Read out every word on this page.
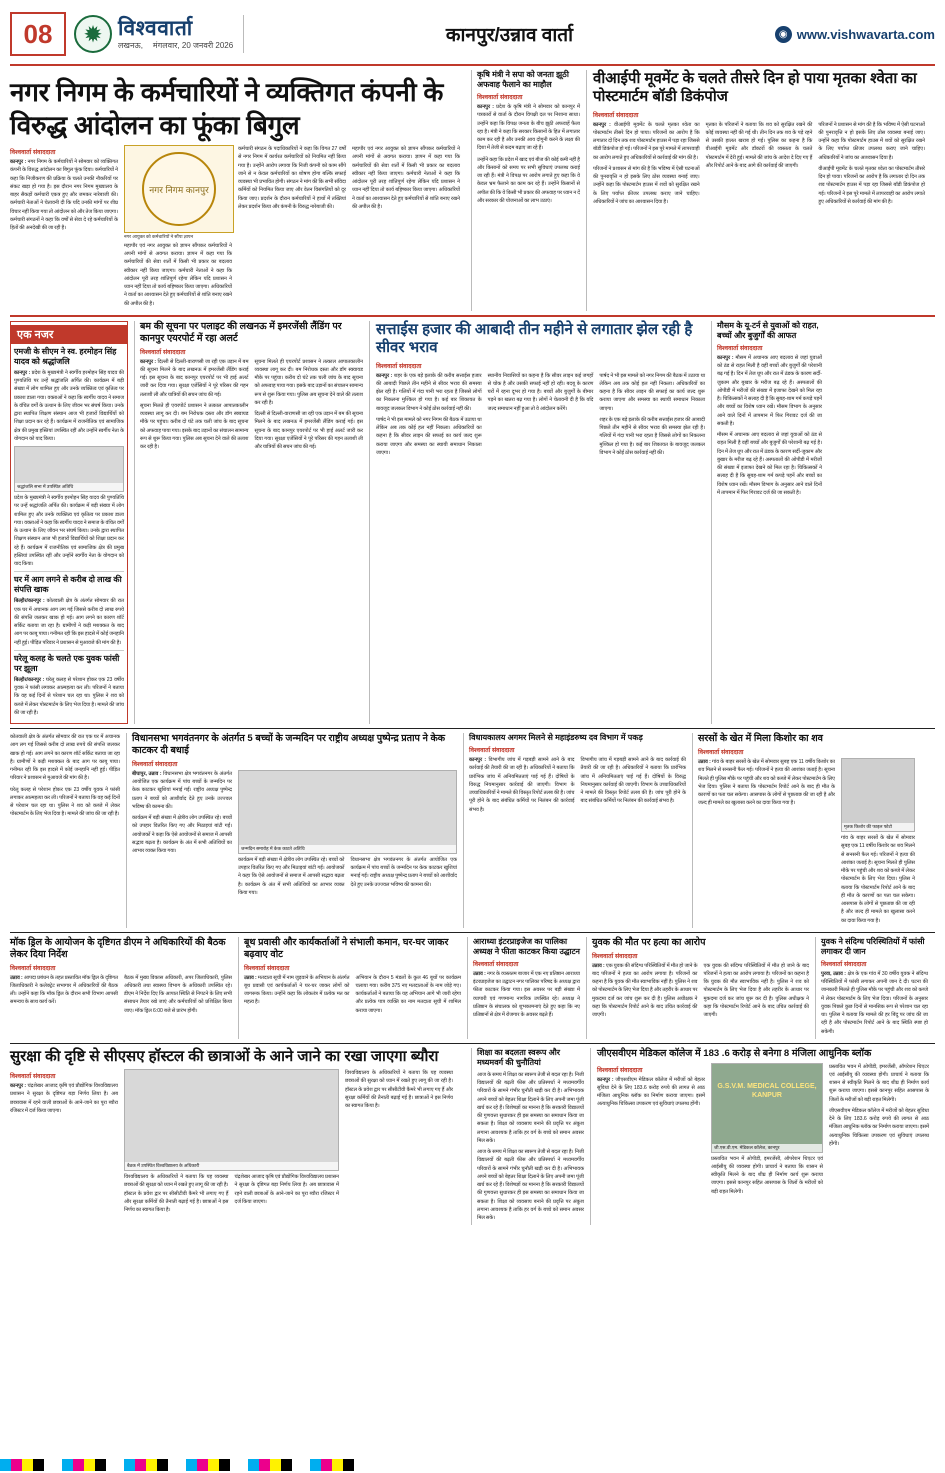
08	✹ विश्ववार्ता
लखनऊ, मंगलवार, 20 जनवरी 2026	कानपुर/उन्नाव वार्ता	◉ www.vishwavarta.com
नगर निगम के कर्मचारियों ने व्यक्तिगत कंपनी के विरुद्ध आंदोलन का फूंका बिगुल
विश्ववार्ता संवाददाता

कानपुर : नगर निगम के कर्मचारियों ने सोमवार को व्यक्तिगत कंपनी के विरुद्ध आंदोलन का बिगुल फूंक दिया। कर्मचारियों ने कहा कि निजीकरण की प्रक्रिया के चलते उनकी नौकरियों पर संकट खड़ा हो गया है। इस दौरान नगर निगम मुख्यालय के बाहर सैकड़ों कर्मचारी एकत्र हुए और जमकर नारेबाजी की। कर्मचारी नेताओं ने चेतावनी दी कि यदि उनकी मांगों पर शीघ्र विचार नहीं किया गया तो आंदोलन को और तेज किया जाएगा। कर्मचारी संगठनों ने कहा कि वर्षों से सेवा दे रहे कर्मचारियों के हितों की अनदेखी की जा रही है।

नगर निगम कानपुर
नगर आयुक्त को कर्मचारियों ने सौंपा ज्ञापन

महापौर एवं नगर आयुक्त को ज्ञापन सौंपकर कर्मचारियों ने अपनी मांगों से अवगत कराया। ज्ञापन में कहा गया कि कर्मचारियों की सेवा शर्तों में किसी भी प्रकार का बदलाव स्वीकार नहीं किया जाएगा। कर्मचारी नेताओं ने कहा कि आंदोलन पूरी तरह शांतिपूर्ण रहेगा लेकिन यदि प्रशासन ने ध्यान नहीं दिया तो कार्य बहिष्कार किया जाएगा। अधिकारियों ने वार्ता का आश्वासन देते हुए कर्मचारियों से शांति बनाए रखने की अपील की है।

कर्मचारी संगठन के पदाधिकारियों ने कहा कि विगत 27 वर्षों से नगर निगम में कार्यरत कर्मचारियों को नियमित नहीं किया गया है। उन्होंने आरोप लगाया कि निजी कंपनी को काम सौंपे जाने से न केवल कर्मचारियों का शोषण होगा बल्कि सफाई व्यवस्था भी प्रभावित होगी। संगठन ने मांग की कि सभी संविदा कर्मियों को नियमित किया जाए और वेतन विसंगतियों को दूर किया जाए। प्रदर्शन के दौरान कर्मचारियों ने हाथों में तख्तियां लेकर प्रदर्शन किया और कंपनी के विरुद्ध नारेबाजी की।

महापौर एवं नगर आयुक्त को ज्ञापन सौंपकर कर्मचारियों ने अपनी मांगों से अवगत कराया। ज्ञापन में कहा गया कि कर्मचारियों की सेवा शर्तों में किसी भी प्रकार का बदलाव स्वीकार नहीं किया जाएगा। कर्मचारी नेताओं ने कहा कि आंदोलन पूरी तरह शांतिपूर्ण रहेगा लेकिन यदि प्रशासन ने ध्यान नहीं दिया तो कार्य बहिष्कार किया जाएगा। अधिकारियों ने वार्ता का आश्वासन देते हुए कर्मचारियों से शांति बनाए रखने की अपील की है।

कृषि मंत्री ने सपा को जनता झूठी अफवाह फैलाने का माहौल
विश्ववार्ता संवाददाता

कानपुर : प्रदेश के कृषि मंत्री ने सोमवार को कानपुर में पत्रकारों से वार्ता के दौरान विपक्षी दल पर निशाना साधा। उन्होंने कहा कि विपक्ष जनता के बीच झूठी अफवाहें फैला रहा है। मंत्री ने कहा कि सरकार किसानों के हित में लगातार काम कर रही है और उनकी आय दोगुनी करने के लक्ष्य की दिशा में तेजी से कदम बढ़ाए जा रहे हैं।

उन्होंने कहा कि प्रदेश में खाद एवं बीज की कोई कमी नहीं है और किसानों को समय पर सभी सुविधाएं उपलब्ध कराई जा रही हैं। मंत्री ने विपक्ष पर आरोप लगाते हुए कहा कि वे केवल भ्रम फैलाने का काम कर रहे हैं। उन्होंने किसानों से अपील की कि वे किसी भी प्रकार की अफवाह पर ध्यान न दें और सरकार की योजनाओं का लाभ उठाएं।

वीआईपी मूवमेंट के चलते तीसरे दिन हो पाया मृतका श्वेता का पोस्टमार्टम बॉडी डिकंपोज
विश्ववार्ता संवाददाता

कानपुर : वीआईपी मूवमेंट के चलते मृतका श्वेता का पोस्टमार्टम तीसरे दिन हो पाया। परिजनों का आरोप है कि लगातार दो दिन तक शव पोस्टमार्टम हाउस में पड़ा रहा जिससे बॉडी डिकंपोज हो गई। परिजनों ने इस पूरे मामले में लापरवाही का आरोप लगाते हुए अधिकारियों से कार्रवाई की मांग की है।

परिजनों ने प्रशासन से मांग की है कि भविष्य में ऐसी घटनाओं की पुनरावृत्ति न हो इसके लिए ठोस व्यवस्था बनाई जाए। उन्होंने कहा कि पोस्टमार्टम हाउस में शवों को सुरक्षित रखने के लिए पर्याप्त फ्रीजर उपलब्ध कराए जाने चाहिए। अधिकारियों ने जांच का आश्वासन दिया है।

मृतका के परिजनों ने बताया कि शव को सुरक्षित रखने की कोई व्यवस्था नहीं की गई थी। तीन दिन तक शव के पड़े रहने से उसकी हालत खराब हो गई। पुलिस का कहना है कि वीआईपी मूवमेंट और डॉक्टरों की व्यस्तता के चलते पोस्टमार्टम में देरी हुई। मामले की जांच के आदेश दे दिए गए हैं और रिपोर्ट आने के बाद आगे की कार्रवाई की जाएगी।

परिजनों ने प्रशासन से मांग की है कि भविष्य में ऐसी घटनाओं की पुनरावृत्ति न हो इसके लिए ठोस व्यवस्था बनाई जाए। उन्होंने कहा कि पोस्टमार्टम हाउस में शवों को सुरक्षित रखने के लिए पर्याप्त फ्रीजर उपलब्ध कराए जाने चाहिए। अधिकारियों ने जांच का आश्वासन दिया है।

वीआईपी मूवमेंट के चलते मृतका श्वेता का पोस्टमार्टम तीसरे दिन हो पाया। परिजनों का आरोप है कि लगातार दो दिन तक शव पोस्टमार्टम हाउस में पड़ा रहा जिससे बॉडी डिकंपोज हो गई। परिजनों ने इस पूरे मामले में लापरवाही का आरोप लगाते हुए अधिकारियों से कार्रवाई की मांग की है।

एक नजर
एमजी के सीएम ने स्व. हरमोहन सिंह यादव को श्रद्धांजलि

कानपुर : प्रदेश के मुख्यमंत्री ने स्वर्गीय हरमोहन सिंह यादव की पुण्यतिथि पर उन्हें श्रद्धांजलि अर्पित की। कार्यक्रम में बड़ी संख्या में लोग शामिल हुए और उनके व्यक्तित्व एवं कृतित्व पर प्रकाश डाला गया। वक्ताओं ने कहा कि स्वर्गीय यादव ने समाज के वंचित वर्गों के उत्थान के लिए जीवन भर संघर्ष किया। उनके द्वारा स्थापित शिक्षण संस्थान आज भी हजारों विद्यार्थियों को शिक्षा प्रदान कर रहे हैं। कार्यक्रम में राजनीतिक एवं सामाजिक क्षेत्र की प्रमुख हस्तियां उपस्थित रहीं और उन्होंने स्वर्गीय नेता के योगदान को याद किया।

श्रद्धांजलि सभा में उपस्थित अतिथि

प्रदेश के मुख्यमंत्री ने स्वर्गीय हरमोहन सिंह यादव की पुण्यतिथि पर उन्हें श्रद्धांजलि अर्पित की। कार्यक्रम में बड़ी संख्या में लोग शामिल हुए और उनके व्यक्तित्व एवं कृतित्व पर प्रकाश डाला गया। वक्ताओं ने कहा कि स्वर्गीय यादव ने समाज के वंचित वर्गों के उत्थान के लिए जीवन भर संघर्ष किया। उनके द्वारा स्थापित शिक्षण संस्थान आज भी हजारों विद्यार्थियों को शिक्षा प्रदान कर रहे हैं। कार्यक्रम में राजनीतिक एवं सामाजिक क्षेत्र की प्रमुख हस्तियां उपस्थित रहीं और उन्होंने स्वर्गीय नेता के योगदान को याद किया।

घर में आग लगने से करीब दो लाख की संपत्ति खाक

बिल्हौर/कानपुर : कोतवाली क्षेत्र के अंतर्गत सोमवार की रात एक घर में अचानक आग लग गई जिससे करीब दो लाख रुपये की संपत्ति जलकर खाक हो गई। आग लगने का कारण शॉर्ट सर्किट बताया जा रहा है। ग्रामीणों ने कड़ी मशक्कत के बाद आग पर काबू पाया। गनीमत रही कि इस हादसे में कोई जनहानि नहीं हुई। पीड़ित परिवार ने प्रशासन से मुआवजे की मांग की है।

घरेलू कलह के चलते एक युवक फांसी पर झूला

बिल्हौर/कानपुर : घरेलू कलह से परेशान होकर एक 23 वर्षीय युवक ने फांसी लगाकर आत्महत्या कर ली। परिजनों ने बताया कि वह कई दिनों से परेशान चल रहा था। पुलिस ने शव को कब्जे में लेकर पोस्टमार्टम के लिए भेज दिया है। मामले की जांच की जा रही है।

बम की सूचना पर पलाइट की लखनऊ में इमरजेंसी लैंडिंग पर कानपुर एयरपोर्ट में रहा अलर्ट
विश्ववार्ता संवाददाता

कानपुर : दिल्ली से दिल्ली-वाराणसी जा रही एक उड़ान में बम की सूचना मिलने के बाद लखनऊ में इमरजेंसी लैंडिंग कराई गई। इस सूचना के बाद कानपुर एयरपोर्ट पर भी हाई अलर्ट जारी कर दिया गया। सुरक्षा एजेंसियों ने पूरे परिसर की गहन तलाशी ली और यात्रियों की सघन जांच की गई।

सूचना मिलते ही एयरपोर्ट प्रशासन ने तत्काल आपातकालीन व्यवस्था लागू कर दी। बम निरोधक दस्ता और डॉग स्क्वायड मौके पर पहुंचा। करीब दो घंटे तक चली जांच के बाद सूचना को अफवाह पाया गया। इसके बाद उड़ानों का संचालन सामान्य रूप से शुरू किया गया। पुलिस अब सूचना देने वाले की तलाश कर रही है।

सूचना मिलते ही एयरपोर्ट प्रशासन ने तत्काल आपातकालीन व्यवस्था लागू कर दी। बम निरोधक दस्ता और डॉग स्क्वायड मौके पर पहुंचा। करीब दो घंटे तक चली जांच के बाद सूचना को अफवाह पाया गया। इसके बाद उड़ानों का संचालन सामान्य रूप से शुरू किया गया। पुलिस अब सूचना देने वाले की तलाश कर रही है।

दिल्ली से दिल्ली-वाराणसी जा रही एक उड़ान में बम की सूचना मिलने के बाद लखनऊ में इमरजेंसी लैंडिंग कराई गई। इस सूचना के बाद कानपुर एयरपोर्ट पर भी हाई अलर्ट जारी कर दिया गया। सुरक्षा एजेंसियों ने पूरे परिसर की गहन तलाशी ली और यात्रियों की सघन जांच की गई।

सत्ताईस हजार की आबादी तीन महीने से लगातार झेल रही है सीवर भराव
विश्ववार्ता संवाददाता

कानपुर : शहर के एक बड़े इलाके की करीब सत्ताईस हजार की आबादी पिछले तीन महीने से सीवर भराव की समस्या झेल रही है। गलियों में गंदा पानी भरा रहता है जिससे लोगों का निकलना मुश्किल हो गया है। कई बार शिकायत के बावजूद जलकल विभाग ने कोई ठोस कार्रवाई नहीं की।

पार्षद ने भी इस मामले को नगर निगम की बैठक में उठाया था लेकिन अब तक कोई हल नहीं निकला। अधिकारियों का कहना है कि सीवर लाइन की सफाई का कार्य जल्द शुरू कराया जाएगा और समस्या का स्थायी समाधान निकाला जाएगा।

स्थानीय निवासियों का कहना है कि सीवर लाइन कई जगहों से चोक है और उसकी सफाई नहीं हो रही। बदबू के कारण घरों में रहना दूभर हो गया है। बच्चों और बुजुर्गों के बीमार पड़ने का खतरा बढ़ गया है। लोगों ने चेतावनी दी है कि यदि जल्द समाधान नहीं हुआ तो वे आंदोलन करेंगे।

पार्षद ने भी इस मामले को नगर निगम की बैठक में उठाया था लेकिन अब तक कोई हल नहीं निकला। अधिकारियों का कहना है कि सीवर लाइन की सफाई का कार्य जल्द शुरू कराया जाएगा और समस्या का स्थायी समाधान निकाला जाएगा।

शहर के एक बड़े इलाके की करीब सत्ताईस हजार की आबादी पिछले तीन महीने से सीवर भराव की समस्या झेल रही है। गलियों में गंदा पानी भरा रहता है जिससे लोगों का निकलना मुश्किल हो गया है। कई बार शिकायत के बावजूद जलकल विभाग ने कोई ठोस कार्रवाई नहीं की।

मौसम के यू-टर्न से युवाओं को राहत, बच्चों और बुजुर्गों की आफत
विश्ववार्ता संवाददाता

कानपुर : मौसम में अचानक आए बदलाव से जहां युवाओं को ठंड से राहत मिली है वहीं बच्चों और बुजुर्गों की परेशानी बढ़ गई है। दिन में तेज धूप और रात में ठंडक के कारण सर्दी-जुकाम और बुखार के मरीज बढ़ रहे हैं। अस्पतालों की ओपीडी में मरीजों की संख्या में इजाफा देखने को मिल रहा है। चिकित्सकों ने सलाह दी है कि सुबह-शाम गर्म कपड़े पहनें और बच्चों का विशेष ध्यान रखें। मौसम विभाग के अनुसार आने वाले दिनों में तापमान में फिर गिरावट दर्ज की जा सकती है।

मौसम में अचानक आए बदलाव से जहां युवाओं को ठंड से राहत मिली है वहीं बच्चों और बुजुर्गों की परेशानी बढ़ गई है। दिन में तेज धूप और रात में ठंडक के कारण सर्दी-जुकाम और बुखार के मरीज बढ़ रहे हैं। अस्पतालों की ओपीडी में मरीजों की संख्या में इजाफा देखने को मिल रहा है। चिकित्सकों ने सलाह दी है कि सुबह-शाम गर्म कपड़े पहनें और बच्चों का विशेष ध्यान रखें। मौसम विभाग के अनुसार आने वाले दिनों में तापमान में फिर गिरावट दर्ज की जा सकती है।

कोतवाली क्षेत्र के अंतर्गत सोमवार की रात एक घर में अचानक आग लग गई जिससे करीब दो लाख रुपये की संपत्ति जलकर खाक हो गई। आग लगने का कारण शॉर्ट सर्किट बताया जा रहा है। ग्रामीणों ने कड़ी मशक्कत के बाद आग पर काबू पाया। गनीमत रही कि इस हादसे में कोई जनहानि नहीं हुई। पीड़ित परिवार ने प्रशासन से मुआवजे की मांग की है।

घरेलू कलह से परेशान होकर एक 23 वर्षीय युवक ने फांसी लगाकर आत्महत्या कर ली। परिजनों ने बताया कि वह कई दिनों से परेशान चल रहा था। पुलिस ने शव को कब्जे में लेकर पोस्टमार्टम के लिए भेज दिया है। मामले की जांच की जा रही है।

विधानसभा भगवंतनगर के अंतर्गत 5 बच्चों के जन्मदिन पर राष्ट्रीय अध्यक्ष पुष्पेन्द्र प्रताप ने केक काटकर दी बधाई
विश्ववार्ता संवाददाता

बीघापुर, उन्नाव : विधानसभा क्षेत्र भगवंतनगर के अंतर्गत आयोजित एक कार्यक्रम में पांच बच्चों के जन्मदिन पर केक काटकर खुशियां मनाई गईं। राष्ट्रीय अध्यक्ष पुष्पेन्द्र प्रताप ने बच्चों को आशीर्वाद देते हुए उनके उज्ज्वल भविष्य की कामना की।

कार्यक्रम में बड़ी संख्या में क्षेत्रीय लोग उपस्थित रहे। बच्चों को उपहार वितरित किए गए और मिठाइयां बांटी गईं। आयोजकों ने कहा कि ऐसे आयोजनों से समाज में आपसी सद्भाव बढ़ता है। कार्यक्रम के अंत में सभी अतिथियों का आभार व्यक्त किया गया।	जन्मदिन समारोह में केक काटते अतिथि

कार्यक्रम में बड़ी संख्या में क्षेत्रीय लोग उपस्थित रहे। बच्चों को उपहार वितरित किए गए और मिठाइयां बांटी गईं। आयोजकों ने कहा कि ऐसे आयोजनों से समाज में आपसी सद्भाव बढ़ता है। कार्यक्रम के अंत में सभी अतिथियों का आभार व्यक्त किया गया।

विधानसभा क्षेत्र भगवंतनगर के अंतर्गत आयोजित एक कार्यक्रम में पांच बच्चों के जन्मदिन पर केक काटकर खुशियां मनाई गईं। राष्ट्रीय अध्यक्ष पुष्पेन्द्र प्रताप ने बच्चों को आशीर्वाद देते हुए उनके उज्ज्वल भविष्य की कामना की।

विधायकालय अगमर मिलने से महाइंडरुष्य दव विभाग में पकड़
विश्ववार्ता संवाददाता

कानपुर : विभागीय जांच में गड़बड़ी सामने आने के बाद कार्रवाई की तैयारी की जा रही है। अधिकारियों ने बताया कि प्रारंभिक जांच में अनियमितताएं पाई गई हैं। दोषियों के विरुद्ध नियमानुसार कार्रवाई की जाएगी। विभाग के उच्चाधिकारियों ने मामले की विस्तृत रिपोर्ट तलब की है। जांच पूरी होने के बाद संबंधित कर्मियों पर निलंबन की कार्रवाई संभव है।

विभागीय जांच में गड़बड़ी सामने आने के बाद कार्रवाई की तैयारी की जा रही है। अधिकारियों ने बताया कि प्रारंभिक जांच में अनियमितताएं पाई गई हैं। दोषियों के विरुद्ध नियमानुसार कार्रवाई की जाएगी। विभाग के उच्चाधिकारियों ने मामले की विस्तृत रिपोर्ट तलब की है। जांच पूरी होने के बाद संबंधित कर्मियों पर निलंबन की कार्रवाई संभव है।

सरसों के खेत में मिला किशोर का शव
विश्ववार्ता संवाददाता

उन्नाव : गांव के बाहर सरसों के खेत में सोमवार सुबह एक 11 वर्षीय किशोर का शव मिलने से सनसनी फैल गई। परिजनों ने हत्या की आशंका जताई है। सूचना मिलते ही पुलिस मौके पर पहुंची और शव को कब्जे में लेकर पोस्टमार्टम के लिए भेज दिया। पुलिस ने बताया कि पोस्टमार्टम रिपोर्ट आने के बाद ही मौत के कारणों का पता चल सकेगा। आसपास के लोगों से पूछताछ की जा रही है और जल्द ही मामले का खुलासा करने का दावा किया गया है।

मृतक किशोर की फाइल फोटो

गांव के बाहर सरसों के खेत में सोमवार सुबह एक 11 वर्षीय किशोर का शव मिलने से सनसनी फैल गई। परिजनों ने हत्या की आशंका जताई है। सूचना मिलते ही पुलिस मौके पर पहुंची और शव को कब्जे में लेकर पोस्टमार्टम के लिए भेज दिया। पुलिस ने बताया कि पोस्टमार्टम रिपोर्ट आने के बाद ही मौत के कारणों का पता चल सकेगा। आसपास के लोगों से पूछताछ की जा रही है और जल्द ही मामले का खुलासा करने का दावा किया गया है।

मॉक ड्रिल के आयोजन के दृष्टिगत डीएम ने अधिकारियों की बैठक लेकर दिया निर्देश
विश्ववार्ता संवाददाता

उन्नाव : आपदा प्रबंधन के तहत प्रस्तावित मॉक ड्रिल के दृष्टिगत जिलाधिकारी ने कलेक्ट्रेट सभागार में अधिकारियों की बैठक ली। उन्होंने कहा कि मॉक ड्रिल के दौरान सभी विभाग आपसी समन्वय के साथ कार्य करें।

बैठक में मुख्य विकास अधिकारी, अपर जिलाधिकारी, पुलिस अधिकारी तथा स्वास्थ्य विभाग के अधिकारी उपस्थित रहे। डीएम ने निर्देश दिए कि आपात स्थिति से निपटने के लिए सभी संसाधन तैयार रखे जाएं और कर्मचारियों को प्रशिक्षित किया जाए। मॉक ड्रिल 6:00 बजे से प्रारंभ होगी।

बूथ प्रवासी और कार्यकर्ताओं ने संभाली कमान, घर-घर जाकर बढ़वाए वोट
विश्ववार्ता संवाददाता

उन्नाव : मतदाता सूची में नाम जुड़वाने के अभियान के अंतर्गत बूथ प्रवासी एवं कार्यकर्ताओं ने घर-घर जाकर लोगों को जागरूक किया। उन्होंने कहा कि लोकतंत्र में प्रत्येक मत का महत्व है।

अभियान के दौरान 5 मंडलों के कुल 46 बूथों पर कार्यक्रम चलाया गया। करीब 375 नए मतदाताओं के नाम जोड़े गए। कार्यकर्ताओं ने बताया कि यह अभियान आगे भी जारी रहेगा और प्रत्येक पात्र व्यक्ति का नाम मतदाता सूची में शामिल कराया जाएगा।

आराध्या इंटरप्राइजेज का पालिका अध्यक्ष ने फीता काटकर किया उद्घाटन
विश्ववार्ता संवाददाता

उन्नाव : नगर के व्यस्ततम बाजार में एक नए प्रतिष्ठान आराध्या इंटरप्राइजेज का उद्घाटन नगर पालिका परिषद के अध्यक्ष द्वारा फीता काटकर किया गया। इस अवसर पर बड़ी संख्या में व्यापारी एवं गणमान्य नागरिक उपस्थित रहे। अध्यक्ष ने प्रतिष्ठान के संचालक को शुभकामनाएं देते हुए कहा कि नए प्रतिष्ठानों से क्षेत्र में रोजगार के अवसर बढ़ते हैं।

युवक की मौत पर हत्या का आरोप
विश्ववार्ता संवाददाता

उन्नाव : एक युवक की संदिग्ध परिस्थितियों में मौत हो जाने के बाद परिजनों ने हत्या का आरोप लगाया है। परिजनों का कहना है कि युवक की मौत स्वाभाविक नहीं है। पुलिस ने शव को पोस्टमार्टम के लिए भेज दिया है और तहरीर के आधार पर मुकदमा दर्ज कर जांच शुरू कर दी है। पुलिस अधीक्षक ने कहा कि पोस्टमार्टम रिपोर्ट आने के बाद उचित कार्रवाई की जाएगी।

एक युवक की संदिग्ध परिस्थितियों में मौत हो जाने के बाद परिजनों ने हत्या का आरोप लगाया है। परिजनों का कहना है कि युवक की मौत स्वाभाविक नहीं है। पुलिस ने शव को पोस्टमार्टम के लिए भेज दिया है और तहरीर के आधार पर मुकदमा दर्ज कर जांच शुरू कर दी है। पुलिस अधीक्षक ने कहा कि पोस्टमार्टम रिपोर्ट आने के बाद उचित कार्रवाई की जाएगी।

युवक ने संदिग्ध परिस्थितियों में फांसी लगाकर दी जान
विश्ववार्ता संवाददाता

पुरवा, उन्नाव : क्षेत्र के एक गांव में 30 वर्षीय युवक ने संदिग्ध परिस्थितियों में फांसी लगाकर अपनी जान दे दी। घटना की जानकारी मिलते ही पुलिस मौके पर पहुंची और शव को कब्जे में लेकर पोस्टमार्टम के लिए भेज दिया। परिजनों के अनुसार युवक पिछले कुछ दिनों से मानसिक रूप से परेशान चल रहा था। पुलिस ने बताया कि मामले की हर बिंदु पर जांच की जा रही है और पोस्टमार्टम रिपोर्ट आने के बाद स्थिति स्पष्ट हो सकेगी।

सुरक्षा की दृष्टि से सीएसए हॉस्टल की छात्राओं के आने जाने का रखा जाएगा ब्यौरा
विश्ववार्ता संवाददाता

कानपुर : चंद्रशेखर आजाद कृषि एवं प्रौद्योगिक विश्वविद्यालय प्रशासन ने सुरक्षा के दृष्टिगत बड़ा निर्णय लिया है। अब छात्रावास में रहने वाली छात्राओं के आने-जाने का पूरा ब्यौरा रजिस्टर में दर्ज किया जाएगा।

बैठक में उपस्थित विश्वविद्यालय के अधिकारी

विश्वविद्यालय के अधिकारियों ने बताया कि यह व्यवस्था छात्राओं की सुरक्षा को ध्यान में रखते हुए लागू की जा रही है। हॉस्टल के प्रवेश द्वार पर सीसीटीवी कैमरे भी लगाए गए हैं और सुरक्षा कर्मियों की तैनाती बढ़ाई गई है। छात्राओं ने इस निर्णय का स्वागत किया है।

चंद्रशेखर आजाद कृषि एवं प्रौद्योगिक विश्वविद्यालय प्रशासन ने सुरक्षा के दृष्टिगत बड़ा निर्णय लिया है। अब छात्रावास में रहने वाली छात्राओं के आने-जाने का पूरा ब्यौरा रजिस्टर में दर्ज किया जाएगा।

विश्वविद्यालय के अधिकारियों ने बताया कि यह व्यवस्था छात्राओं की सुरक्षा को ध्यान में रखते हुए लागू की जा रही है। हॉस्टल के प्रवेश द्वार पर सीसीटीवी कैमरे भी लगाए गए हैं और सुरक्षा कर्मियों की तैनाती बढ़ाई गई है। छात्राओं ने इस निर्णय का स्वागत किया है।

शिक्षा का बदलता स्वरूप और मध्यमवर्ग की चुनौतियां

आज के समय में शिक्षा का स्वरूप तेजी से बदल रहा है। निजी विद्यालयों की बढ़ती फीस और प्रतिस्पर्धा ने मध्यमवर्गीय परिवारों के सामने गंभीर चुनौती खड़ी कर दी है। अभिभावक अपने बच्चों को बेहतर शिक्षा दिलाने के लिए अपनी जमा पूंजी खर्च कर रहे हैं। विशेषज्ञों का मानना है कि सरकारी विद्यालयों की गुणवत्ता सुधारकर ही इस समस्या का समाधान किया जा सकता है। शिक्षा को व्यवसाय बनाने की प्रवृत्ति पर अंकुश लगाना आवश्यक है ताकि हर वर्ग के बच्चे को समान अवसर मिल सके।

आज के समय में शिक्षा का स्वरूप तेजी से बदल रहा है। निजी विद्यालयों की बढ़ती फीस और प्रतिस्पर्धा ने मध्यमवर्गीय परिवारों के सामने गंभीर चुनौती खड़ी कर दी है। अभिभावक अपने बच्चों को बेहतर शिक्षा दिलाने के लिए अपनी जमा पूंजी खर्च कर रहे हैं। विशेषज्ञों का मानना है कि सरकारी विद्यालयों की गुणवत्ता सुधारकर ही इस समस्या का समाधान किया जा सकता है। शिक्षा को व्यवसाय बनाने की प्रवृत्ति पर अंकुश लगाना आवश्यक है ताकि हर वर्ग के बच्चे को समान अवसर मिल सके।

जीएसवीएम मेडिकल कॉलेज में 183 .6 करोड़ से बनेगा 8 मंजिला आधुनिक ब्लॉक
विश्ववार्ता संवाददाता

कानपुर : जीएसवीएम मेडिकल कॉलेज में मरीजों को बेहतर सुविधा देने के लिए 183.6 करोड़ रुपये की लागत से आठ मंजिला आधुनिक ब्लॉक का निर्माण कराया जाएगा। इसमें अत्याधुनिक चिकित्सा उपकरण एवं सुविधाएं उपलब्ध होंगी।

G.S.V.M. MEDICAL COLLEGE, KANPUR
जी.एस.वी.एम. मेडिकल कॉलेज, कानपुर

प्रस्तावित भवन में ओपीडी, इमरजेंसी, ऑपरेशन थिएटर एवं आईसीयू की व्यवस्था होगी। प्राचार्य ने बताया कि शासन से स्वीकृति मिलने के बाद शीघ्र ही निर्माण कार्य शुरू कराया जाएगा। इससे कानपुर सहित आसपास के जिलों के मरीजों को बड़ी राहत मिलेगी।

प्रस्तावित भवन में ओपीडी, इमरजेंसी, ऑपरेशन थिएटर एवं आईसीयू की व्यवस्था होगी। प्राचार्य ने बताया कि शासन से स्वीकृति मिलने के बाद शीघ्र ही निर्माण कार्य शुरू कराया जाएगा। इससे कानपुर सहित आसपास के जिलों के मरीजों को बड़ी राहत मिलेगी।

जीएसवीएम मेडिकल कॉलेज में मरीजों को बेहतर सुविधा देने के लिए 183.6 करोड़ रुपये की लागत से आठ मंजिला आधुनिक ब्लॉक का निर्माण कराया जाएगा। इसमें अत्याधुनिक चिकित्सा उपकरण एवं सुविधाएं उपलब्ध होंगी।
